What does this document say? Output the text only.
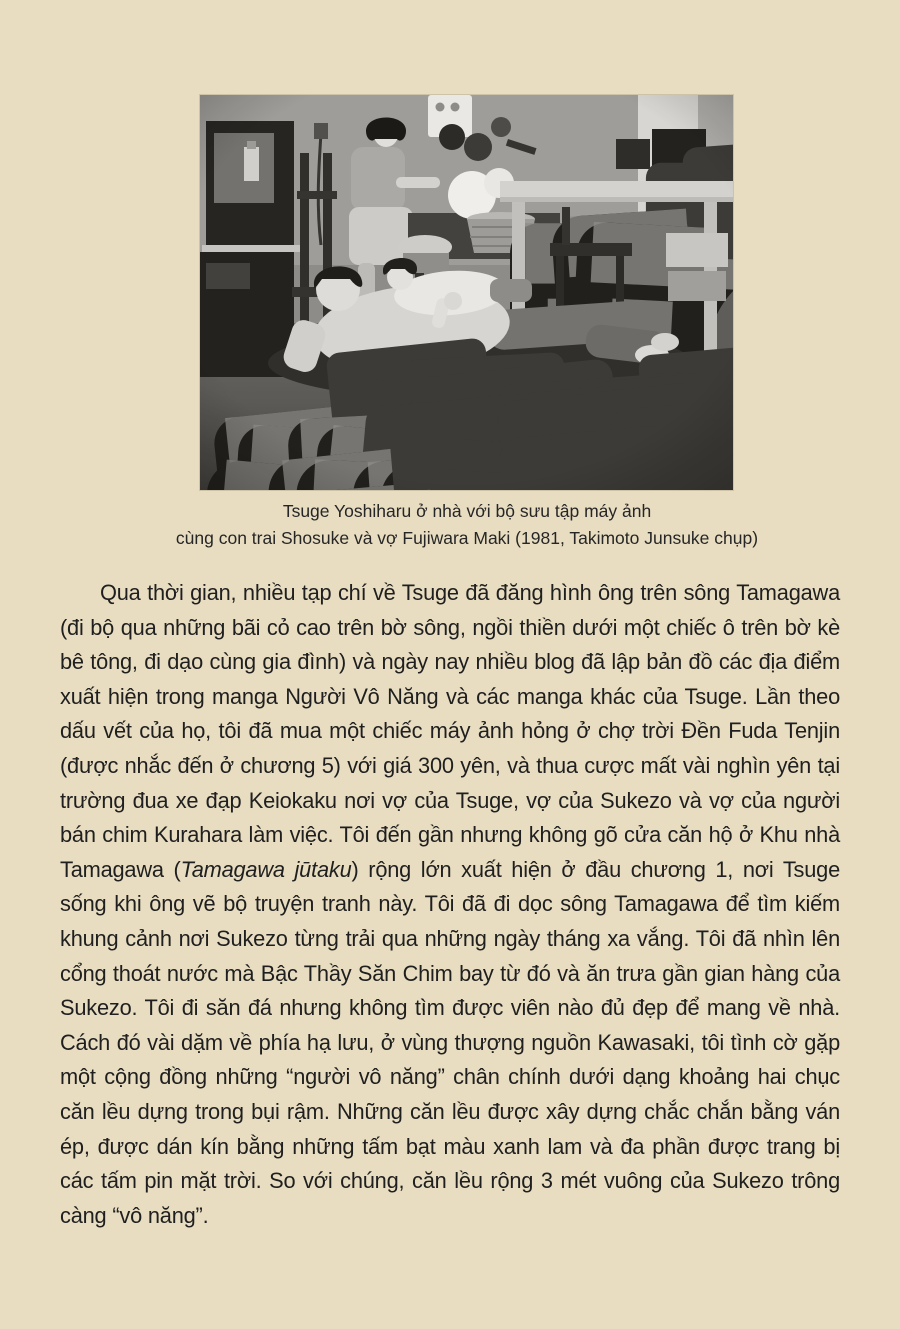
Tsuge Yoshiharu ở nhà với bộ sưu tập máy ảnh
cùng con trai Shosuke và vợ Fujiwara Maki (1981, Takimoto Junsuke chụp)

Qua thời gian, nhiều tạp chí về Tsuge đã đăng hình ông trên sông Tamagawa (đi bộ qua những bãi cỏ cao trên bờ sông, ngồi thiền dưới một chiếc ô trên bờ kè bê tông, đi dạo cùng gia đình) và ngày nay nhiều blog đã lập bản đồ các địa điểm xuất hiện trong manga Người Vô Năng và các manga khác của Tsuge. Lần theo dấu vết của họ, tôi đã mua một chiếc máy ảnh hỏng ở chợ trời Đền Fuda Tenjin (được nhắc đến ở chương 5) với giá 300 yên, và thua cược mất vài nghìn yên tại trường đua xe đạp Keiokaku nơi vợ của Tsuge, vợ của Sukezo và vợ của người bán chim Kurahara làm việc. Tôi đến gần nhưng không gõ cửa căn hộ ở Khu nhà Tamagawa (Tamagawa jūtaku) rộng lớn xuất hiện ở đầu chương 1, nơi Tsuge sống khi ông vẽ bộ truyện tranh này. Tôi đã đi dọc sông Tamagawa để tìm kiếm khung cảnh nơi Sukezo từng trải qua những ngày tháng xa vắng. Tôi đã nhìn lên cổng thoát nước mà Bậc Thầy Săn Chim bay từ đó và ăn trưa gần gian hàng của Sukezo. Tôi đi săn đá nhưng không tìm được viên nào đủ đẹp để mang về nhà. Cách đó vài dặm về phía hạ lưu, ở vùng thượng nguồn Kawasaki, tôi tình cờ gặp một cộng đồng những “người vô năng” chân chính dưới dạng khoảng hai chục căn lều dựng trong bụi rậm. Những căn lều được xây dựng chắc chắn bằng ván ép, được dán kín bằng những tấm bạt màu xanh lam và đa phần được trang bị các tấm pin mặt trời. So với chúng, căn lều rộng 3 mét vuông của Sukezo trông càng “vô năng”.
